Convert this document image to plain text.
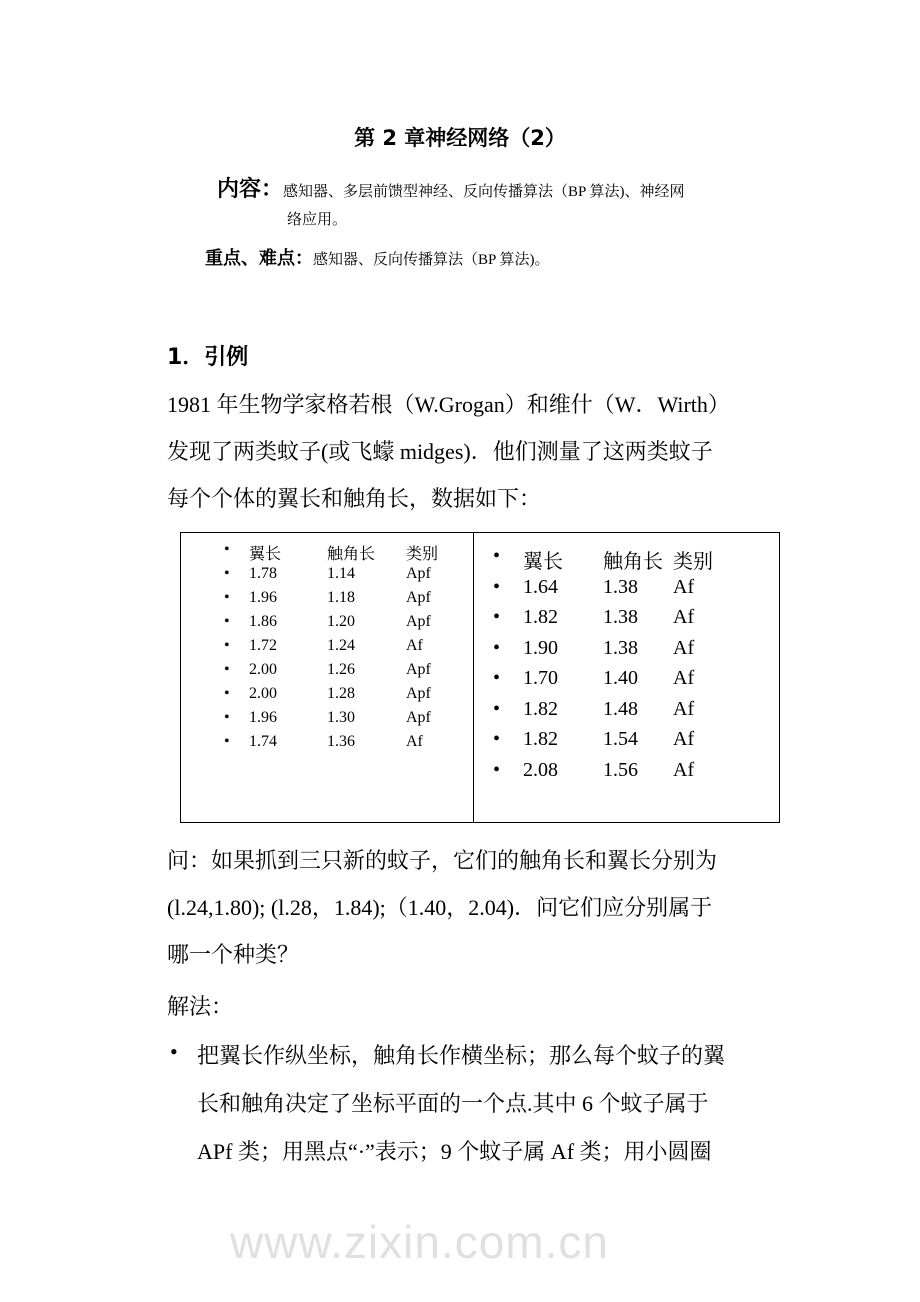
第 2 章神经网络（2）
内容：感知器、多层前馈型神经、反向传播算法（BP 算法)、神经网
络应用。
重点、难点：感知器、反向传播算法（BP 算法)。
1．引例
1981 年生物学家格若根（W.Grogan）和维什（W．Wirth）
发现了两类蚊子(或飞蠓 midges)．他们测量了这两类蚊子
每个个体的翼长和触角长，数据如下：
• 翼长	触角长 类别
• 1.78	1.14	Apf
• 1.96	1.18	Apf
• 1.86	1.20	Apf
• 1.72	1.24	Af
• 2.00	1.26	Apf
• 2.00	1.28	Apf
• 1.96	1.30	Apf
• 1.74	1.36	Af
• 翼长 触角长 类别
• 1.64 1.38 Af
• 1.82 1.38 Af
• 1.90 1.38 Af
• 1.70 1.40 Af
• 1.82 1.48 Af
• 1.82 1.54 Af
• 2.08 1.56 Af
问：如果抓到三只新的蚊子，它们的触角长和翼长分别为
(l.24,1.80); (l.28，1.84);（1.40，2.04)．问它们应分别属于
哪一个种类？
解法：
• 把翼长作纵坐标，触角长作横坐标；那么每个蚊子的翼
长和触角决定了坐标平面的一个点.其中 6 个蚊子属于
APf 类；用黑点“·”表示；9 个蚊子属 Af 类；用小圆圈
www.zixin.com.cn
